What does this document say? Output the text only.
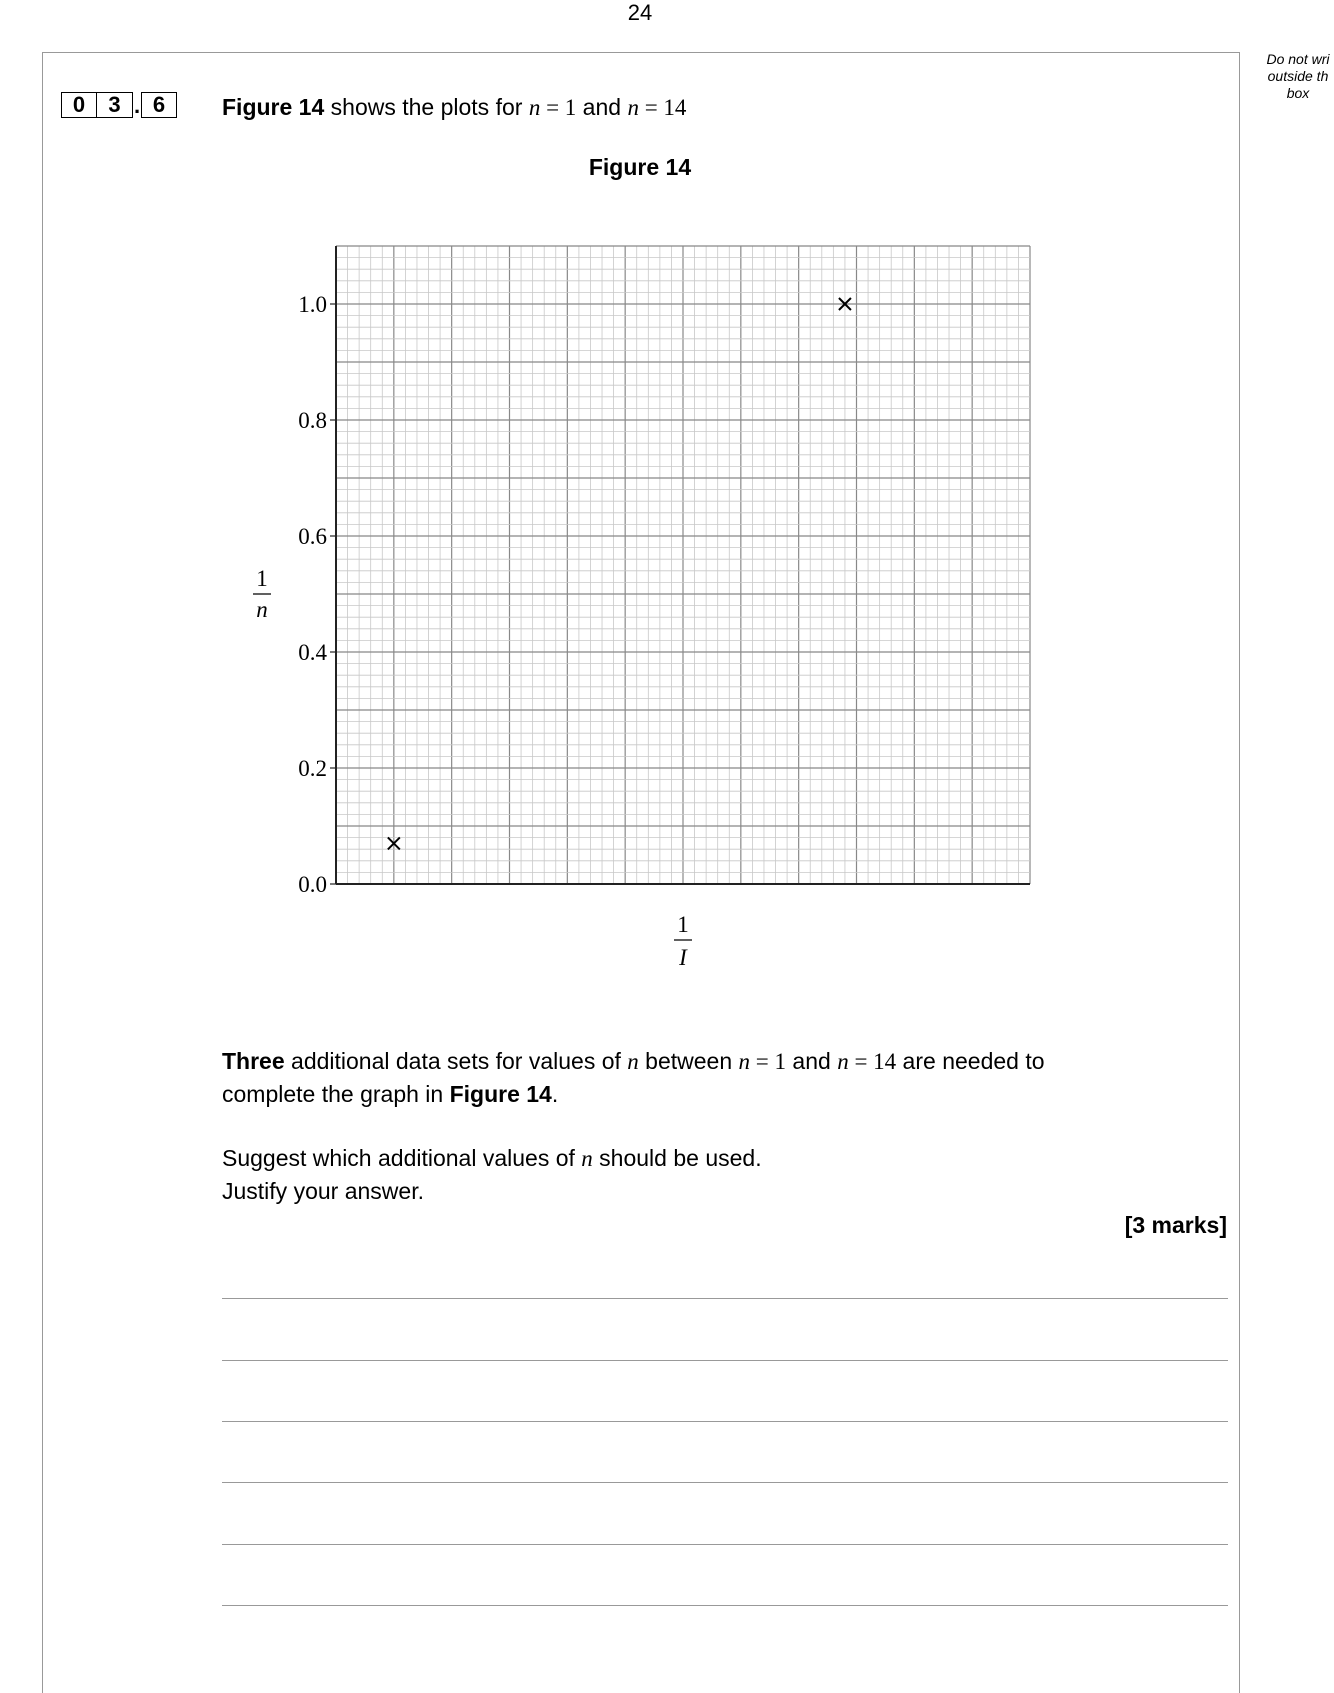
24
Do not wri
outside th
box
0	3 . 6	Figure 14 shows the plots for n = 1 and n = 14
Figure 14
0.0
0.2
0.4
0.6
0.8
1.0
1
n
1
I
Three additional data sets for values of n between n = 1 and n = 14 are needed to
complete the graph in Figure 14.
Suggest which additional values of n should be used.
Justify your answer.
[3 marks]
